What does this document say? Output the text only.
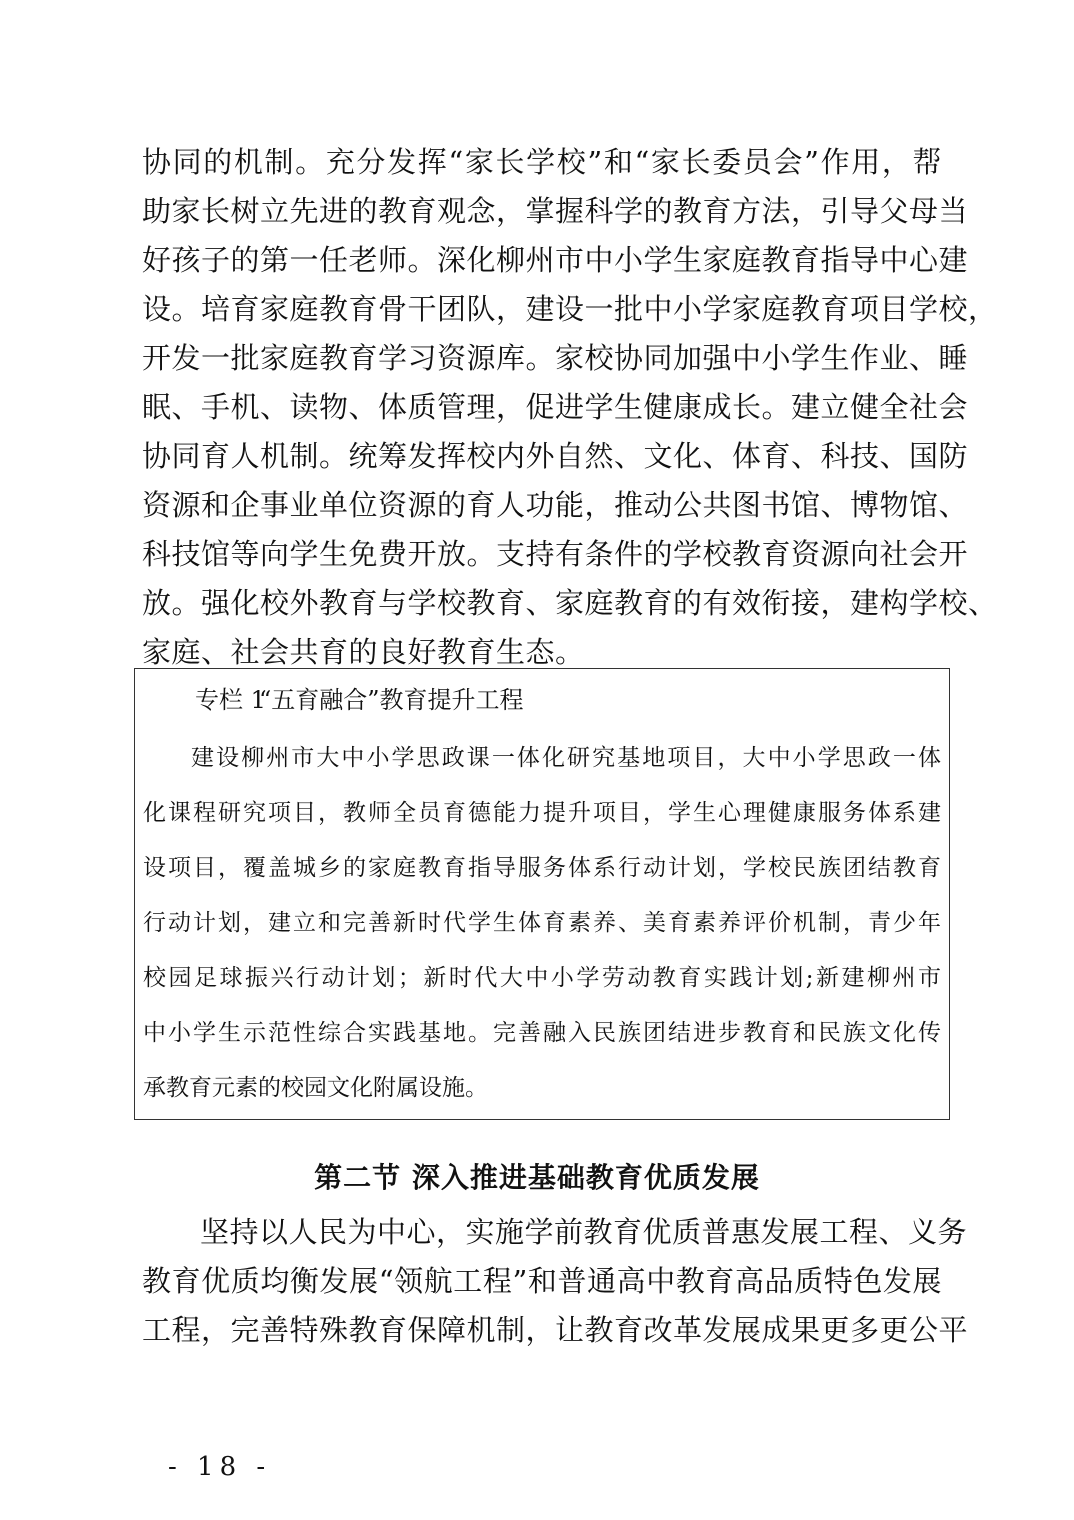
协同的机制。充分发挥“家长学校”和“家长委员会”作用，帮
助家长树立先进的教育观念，掌握科学的教育方法，引导父母当
好孩子的第一任老师。深化柳州市中小学生家庭教育指导中心建
设。培育家庭教育骨干团队，建设一批中小学家庭教育项目学校，
开发一批家庭教育学习资源库。家校协同加强中小学生作业、睡
眠、手机、读物、体质管理，促进学生健康成长。建立健全社会
协同育人机制。统筹发挥校内外自然、文化、体育、科技、国防
资源和企事业单位资源的育人功能，推动公共图书馆、博物馆、
科技馆等向学生免费开放。支持有条件的学校教育资源向社会开
放。强化校外教育与学校教育、家庭教育的有效衔接，建构学校、
家庭、社会共育的良好教育生态。
专栏 1“五育融合”教育提升工程
建设柳州市大中小学思政课一体化研究基地项目，大中小学思政一体
化课程研究项目，教师全员育德能力提升项目，学生心理健康服务体系建
设项目，覆盖城乡的家庭教育指导服务体系行动计划，学校民族团结教育
行动计划，建立和完善新时代学生体育素养、美育素养评价机制，青少年
校园足球振兴行动计划；新时代大中小学劳动教育实践计划;新建柳州市
中小学生示范性综合实践基地。完善融入民族团结进步教育和民族文化传
承教育元素的校园文化附属设施。
第二节 深入推进基础教育优质发展
坚持以人民为中心，实施学前教育优质普惠发展工程、义务
教育优质均衡发展“领航工程”和普通高中教育高品质特色发展
工程，完善特殊教育保障机制，让教育改革发展成果更多更公平
- 18 -
